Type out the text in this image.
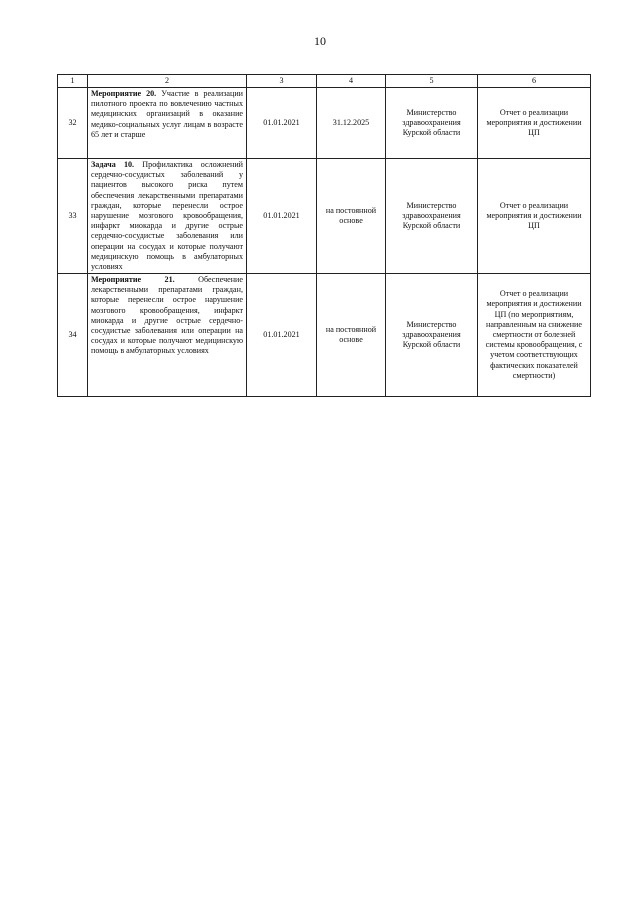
10
1	2	3	4	5	6
32	Мероприятие 20. Участие в реализации пилотного проекта по вовлечению частных медицинских организаций в оказание медико-социальных услуг лицам в возрасте 65 лет и старше	01.01.2021	31.12.2025	Министерство здравоохранения Курской области	Отчет о реализации мероприятия и достижении ЦП
33	Задача 10. Профилактика осложнений сердечно-сосудистых заболеваний у пациентов высокого риска путем обеспечения лекарственными препаратами граждан, которые перенесли острое нарушение мозгового кровообращения, инфаркт миокарда и другие острые сердечно-сосудистые заболевания или операции на сосудах и которые получают медицинскую помощь в амбулаторных условиях	01.01.2021	на постоянной основе	Министерство здравоохранения Курской области	Отчет о реализации мероприятия и достижении ЦП
34	Мероприятие 21. Обеспечение лекарственными препаратами граждан, которые перенесли острое нарушение мозгового кровообращения, инфаркт миокарда и другие острые сердечно-сосудистые заболевания или операции на сосудах и которые получают медицинскую помощь в амбулаторных условиях	01.01.2021	на постоянной основе	Министерство здравоохранения Курской области	Отчет о реализации мероприятия и достижении ЦП (по мероприятиям, направленным на снижение смертности от болезней системы кровообращения, с учетом соответствующих фактических показателей смертности)
